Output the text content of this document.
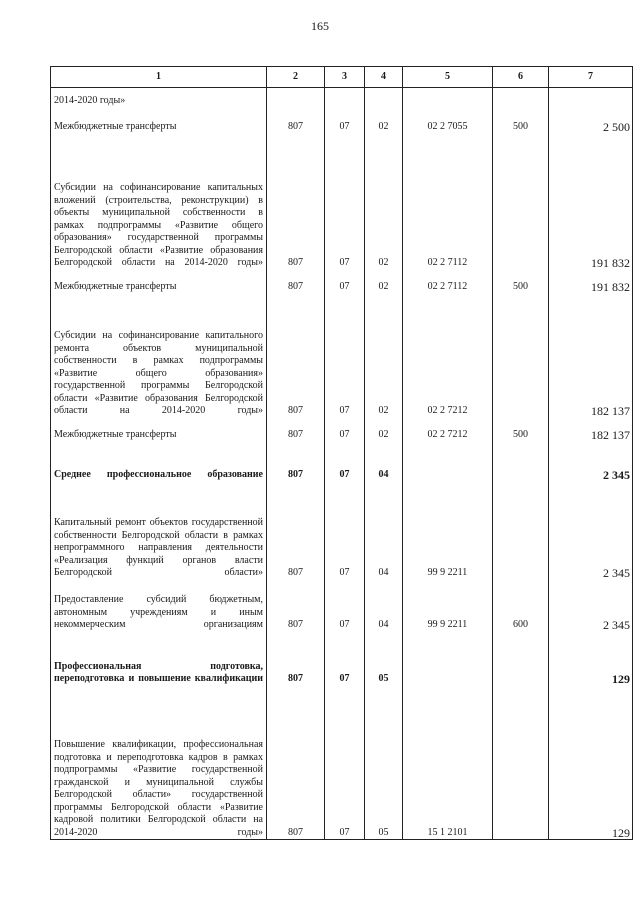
165
1	2	3	4	5	6	7
2014-2020 годы»						
Межбюджетные трансферты	807	07	02	02 2 7055	500	2 500
Субсидии на софинансирование капитальных вложений (строительства, реконструкции) в объекты муниципальной собственности в рамках подпрограммы «Развитие общего образования» государственной программы Белгородской области «Развитие образования Белгородской области на 2014-2020 годы»	807	07	02	02 2 7112		191 832
Межбюджетные трансферты	807	07	02	02 2 7112	500	191 832
Субсидии на софинансирование капитального ремонта объектов муниципальной собственности в рамках подпрограммы «Развитие общего образования» государственной программы Белгородской области «Развитие образования Белгородской области на 2014-2020 годы»	807	07	02	02 2 7212		182 137
Межбюджетные трансферты	807	07	02	02 2 7212	500	182 137
Среднее профессиональное образование	807	07	04			2 345
Капитальный ремонт объектов государственной собственности Белгородской области в рамках непрограммного направления деятельности «Реализация функций органов власти Белгородской области»	807	07	04	99 9 2211		2 345
Предоставление субсидий бюджетным, автономным учреждениям и иным некоммерческим организациям	807	07	04	99 9 2211	600	2 345
Профессиональная подготовка, переподготовка и повышение квалификации	807	07	05			129
Повышение квалификации, профессиональная подготовка и переподготовка кадров в рамках подпрограммы «Развитие государственной гражданской и муниципальной службы Белгородской области» государственной программы Белгородской области «Развитие кадровой политики Белгородской области на 2014-2020 годы»	807	07	05	15 1 2101		129
